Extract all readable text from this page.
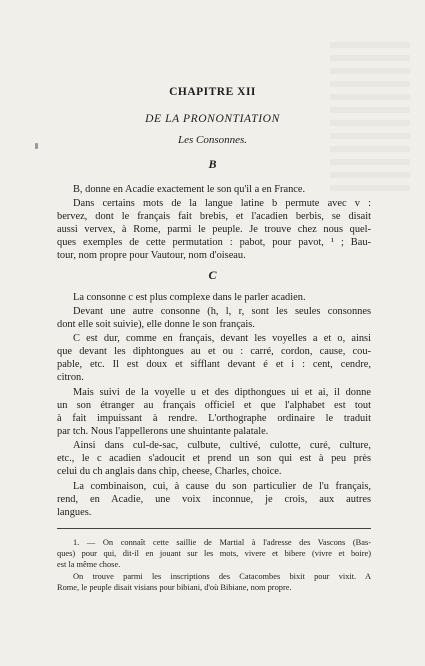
CHAPITRE XII
DE LA PRONONTIATION
Les Consonnes.
B
B, donne en Acadie exactement le son qu'il a en France.
Dans certains mots de la langue latine b permute avec v :
bervez, dont le français fait brebis, et l'acadien berbis, se disait
aussi vervex, à Rome, parmi le peuple. Je trouve chez nous quel-
ques exemples de cette permutation : pabot, pour pavot, ¹ ; Bau-
tour, nom propre pour Vautour, nom d'oiseau.
C
La consonne c est plus complexe dans le parler acadien.
Devant une autre consonne (h, l, r, sont les seules consonnes
dont elle soit suivie), elle donne le son français.
C est dur, comme en français, devant les voyelles a et o, ainsi
que devant les diphtongues au et ou : carré, cordon, cause, cou-
pable, etc. Il est doux et sifflant devant é et i : cent, cendre,
citron.
Mais suivi de la voyelle u et des dipthongues ui et ai, il donne
un son étranger au français officiel et que l'alphabet est tout
à fait impuissant à rendre. L'orthographe ordinaire le traduit
par tch. Nous l'appellerons une shuintante palatale.
Ainsi dans cul-de-sac, culbute, cultivé, culotte, curé, culture,
etc., le c acadien s'adoucit et prend un son qui est à peu près
celui du ch anglais dans chip, cheese, Charles, choice.
La combinaison, cui, à cause du son particulier de l'u français,
rend, en Acadie, une voix inconnue, je crois, aux autres
langues.
1. — On connaît cette saillie de Martial à l'adresse des Vascons (Bas-
ques) pour qui, dit-il en jouant sur les mots, vivere et bibere (vivre et boire)
est la même chose.
On trouve parmi les inscriptions des Catacombes bixit pour vixit. A
Rome, le peuple disait visians pour bibiani, d'où Bibiane, nom propre.
